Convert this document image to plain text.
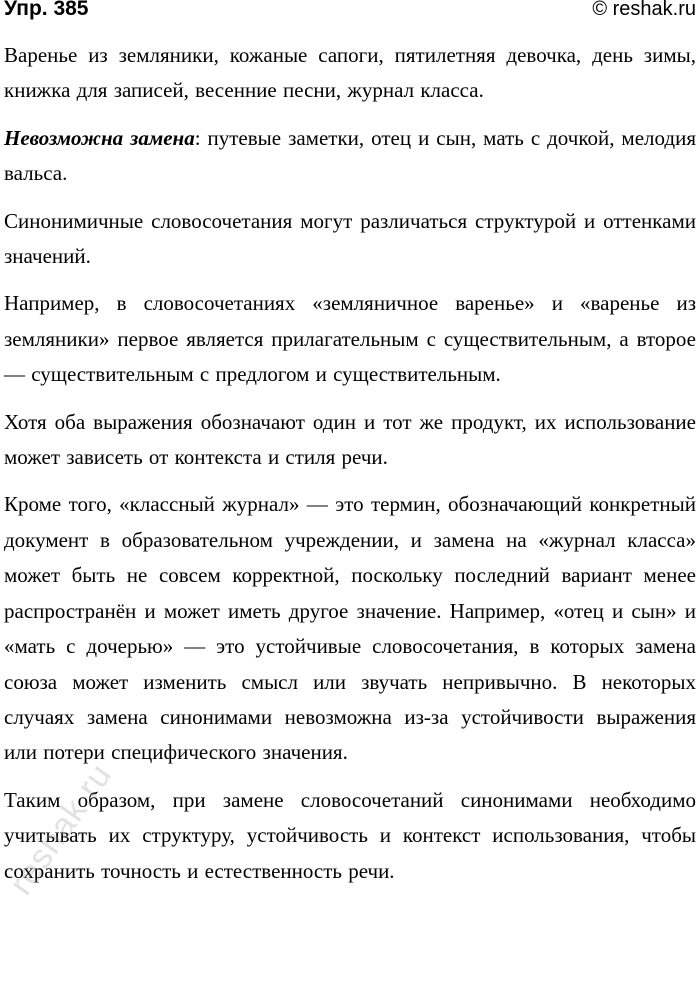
Упр. 385	© reshak.ru

Варенье из земляники, кожаные сапоги, пятилетняя девочка, день зимы, книжка для записей, весенние песни, журнал класса.

Невозможна замена: путевые заметки, отец и сын, мать с дочкой, мелодия вальса.

Синонимичные словосочетания могут различаться структурой и оттенками значений.

Например, в словосочетаниях «земляничное варенье» и «варенье из земляники» первое является прилагательным с существительным, а второе — существительным с предлогом и существительным.

Хотя оба выражения обозначают один и тот же продукт, их использование может зависеть от контекста и стиля речи.

Кроме того, «классный журнал» — это термин, обозначающий конкретный документ в образовательном учреждении, и замена на «журнал класса» может быть не совсем корректной, поскольку последний вариант менее распространён и может иметь другое значение. Например, «отец и сын» и «мать с дочерью» — это устойчивые словосочетания, в которых замена союза может изменить смысл или звучать непривычно. В некоторых случаях замена синонимами невозможна из-за устойчивости выражения или потери специфического значения.

Таким образом, при замене словосочетаний синонимами необходимо учитывать их структуру, устойчивость и контекст использования, чтобы сохранить точность и естественность речи.

reshak.ru
